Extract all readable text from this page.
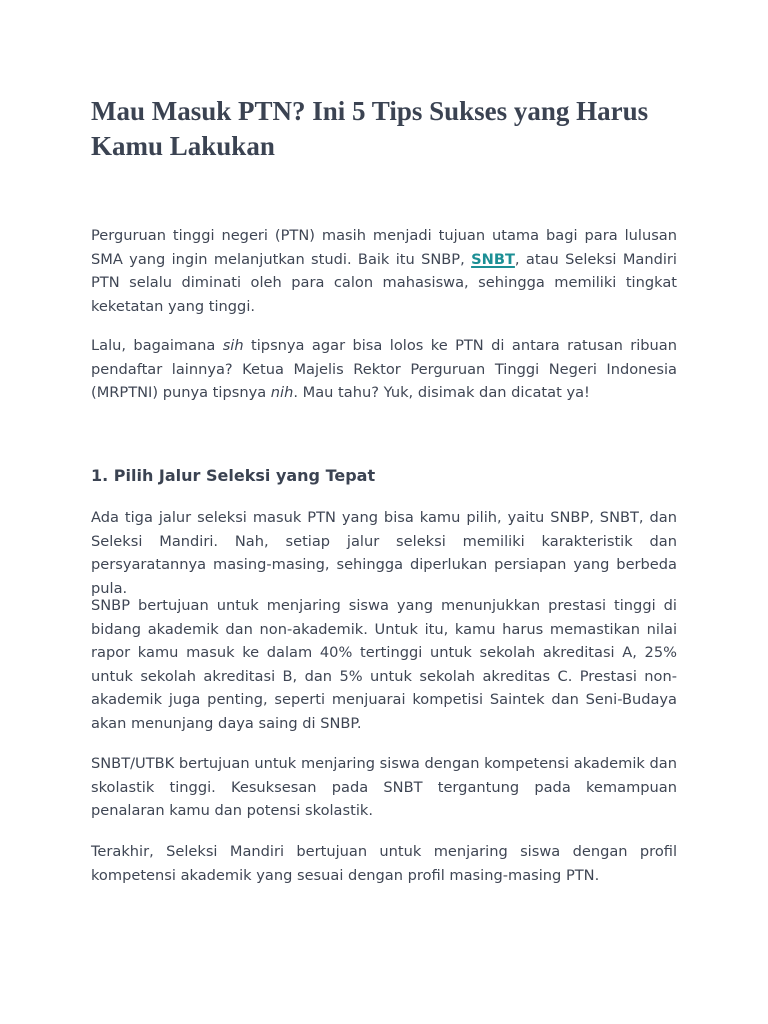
Mau Masuk PTN? Ini 5 Tips Sukses yang Harus Kamu Lakukan

Perguruan tinggi negeri (PTN) masih menjadi tujuan utama bagi para lulusan SMA yang ingin melanjutkan studi. Baik itu SNBP, SNBT, atau Seleksi Mandiri PTN selalu diminati oleh para calon mahasiswa, sehingga memiliki tingkat keketatan yang tinggi.

Lalu, bagaimana sih tipsnya agar bisa lolos ke PTN di antara ratusan ribuan pendaftar lainnya? Ketua Majelis Rektor Perguruan Tinggi Negeri Indonesia (MRPTNI) punya tipsnya nih. Mau tahu? Yuk, disimak dan dicatat ya!

1. Pilih Jalur Seleksi yang Tepat

Ada tiga jalur seleksi masuk PTN yang bisa kamu pilih, yaitu SNBP, SNBT, dan Seleksi Mandiri. Nah, setiap jalur seleksi memiliki karakteristik dan persyaratannya masing-masing, sehingga diperlukan persiapan yang berbeda pula.

SNBP bertujuan untuk menjaring siswa yang menunjukkan prestasi tinggi di bidang akademik dan non-akademik. Untuk itu, kamu harus memastikan nilai rapor kamu masuk ke dalam 40% tertinggi untuk sekolah akreditasi A, 25% untuk sekolah akreditasi B, dan 5% untuk sekolah akreditas C. Prestasi non-akademik juga penting, seperti menjuarai kompetisi Saintek dan Seni-Budaya akan menunjang daya saing di SNBP.

SNBT/UTBK bertujuan untuk menjaring siswa dengan kompetensi akademik dan skolastik tinggi. Kesuksesan pada SNBT tergantung pada kemampuan penalaran kamu dan potensi skolastik.

Terakhir, Seleksi Mandiri bertujuan untuk menjaring siswa dengan profil kompetensi akademik yang sesuai dengan profil masing-masing PTN.
